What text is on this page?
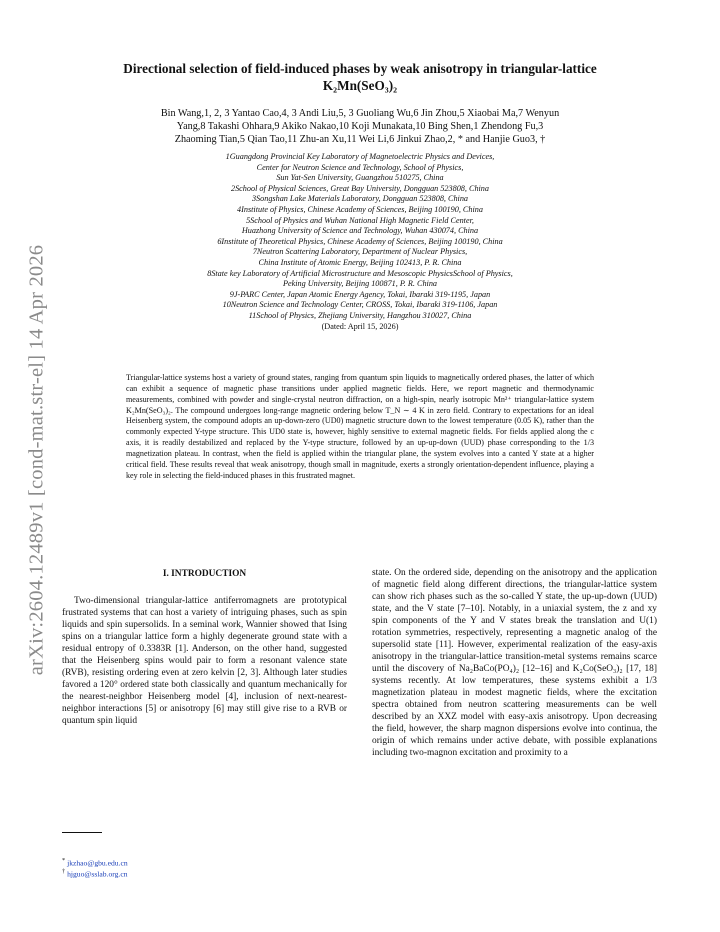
arXiv:2604.12489v1 [cond-mat.str-el] 14 Apr 2026
Directional selection of field-induced phases by weak anisotropy in triangular-lattice
K₂Mn(SeO₃)₂
Bin Wang,1, 2, 3 Yantao Cao,4, 3 Andi Liu,5, 3 Guoliang Wu,6 Jin Zhou,5 Xiaobai Ma,7 Wenyun
Yang,8 Takashi Ohhara,9 Akiko Nakao,10 Koji Munakata,10 Bing Shen,1 Zhendong Fu,3
Zhaoming Tian,5 Qian Tao,11 Zhu-an Xu,11 Wei Li,6 Jinkui Zhao,2, * and Hanjie Guo3, †
1Guangdong Provincial Key Laboratory of Magnetoelectric Physics and Devices,
Center for Neutron Science and Technology, School of Physics,
Sun Yat-Sen University, Guangzhou 510275, China
2School of Physical Sciences, Great Bay University, Dongguan 523808, China
3Songshan Lake Materials Laboratory, Dongguan 523808, China
4Institute of Physics, Chinese Academy of Sciences, Beijing 100190, China
5School of Physics and Wuhan National High Magnetic Field Center,
Huazhong University of Science and Technology, Wuhan 430074, China
6Institute of Theoretical Physics, Chinese Academy of Sciences, Beijing 100190, China
7Neutron Scattering Laboratory, Department of Nuclear Physics,
China Institute of Atomic Energy, Beijing 102413, P. R. China
8State key Laboratory of Artificial Microstructure and Mesoscopic PhysicsSchool of Physics,
Peking University, Beijing 100871, P. R. China
9J-PARC Center, Japan Atomic Energy Agency, Tokai, Ibaraki 319-1195, Japan
10Neutron Science and Technology Center, CROSS, Tokai, Ibaraki 319-1106, Japan
11School of Physics, Zhejiang University, Hangzhou 310027, China
(Dated: April 15, 2026)
Triangular-lattice systems host a variety of ground states, ranging from quantum spin liquids to magnetically ordered phases, the latter of which can exhibit a sequence of magnetic phase transitions under applied magnetic fields. Here, we report magnetic and thermodynamic measurements, combined with powder and single-crystal neutron diffraction, on a high-spin, nearly isotropic Mn²⁺ triangular-lattice system K₂Mn(SeO₃)₂. The compound undergoes long-range magnetic ordering below T_N ∼ 4 K in zero field. Contrary to expectations for an ideal Heisenberg system, the compound adopts an up-down-zero (UD0) magnetic structure down to the lowest temperature (0.05 K), rather than the commonly expected Y-type structure. This UD0 state is, however, highly sensitive to external magnetic fields. For fields applied along the c axis, it is readily destabilized and replaced by the Y-type structure, followed by an up-up-down (UUD) phase corresponding to the 1/3 magnetization plateau. In contrast, when the field is applied within the triangular plane, the system evolves into a canted Y state at a higher critical field. These results reveal that weak anisotropy, though small in magnitude, exerts a strongly orientation-dependent influence, playing a key role in selecting the field-induced phases in this frustrated magnet.
I. INTRODUCTION

Two-dimensional triangular-lattice antiferromagnets are prototypical frustrated systems that can host a variety of intriguing phases, such as spin liquids and spin supersolids. In a seminal work, Wannier showed that Ising spins on a triangular lattice form a highly degenerate ground state with a residual entropy of 0.3383R [1]. Anderson, on the other hand, suggested that the Heisenberg spins would pair to form a resonant valence state (RVB), resisting ordering even at zero kelvin [2, 3]. Although later studies favored a 120° ordered state both classically and quantum mechanically for the nearest-neighbor Heisenberg model [4], inclusion of next-nearest-neighbor interactions [5] or anisotropy [6] may still give rise to a RVB or quantum spin liquid

state. On the ordered side, depending on the anisotropy and the application of magnetic field along different directions, the triangular-lattice system can show rich phases such as the so-called Y state, the up-up-down (UUD) state, and the V state [7–10]. Notably, in a uniaxial system, the z and xy spin components of the Y and V states break the translation and U(1) rotation symmetries, respectively, representing a magnetic analog of the supersolid state [11]. However, experimental realization of the easy-axis anisotropy in the triangular-lattice transition-metal systems remains scarce until the discovery of Na₂BaCo(PO₄)₂ [12–16] and K₂Co(SeO₃)₂ [17, 18] systems recently. At low temperatures, these systems exhibit a 1/3 magnetization plateau in modest magnetic fields, where the excitation spectra obtained from neutron scattering measurements can be well described by an XXZ model with easy-axis anisotropy. Upon decreasing the field, however, the sharp magnon dispersions evolve into continua, the origin of which remains under active debate, with possible explanations including two-magnon excitation and proximity to a

* jkzhao@gbu.edu.cn
† hjguo@sslab.org.cn
